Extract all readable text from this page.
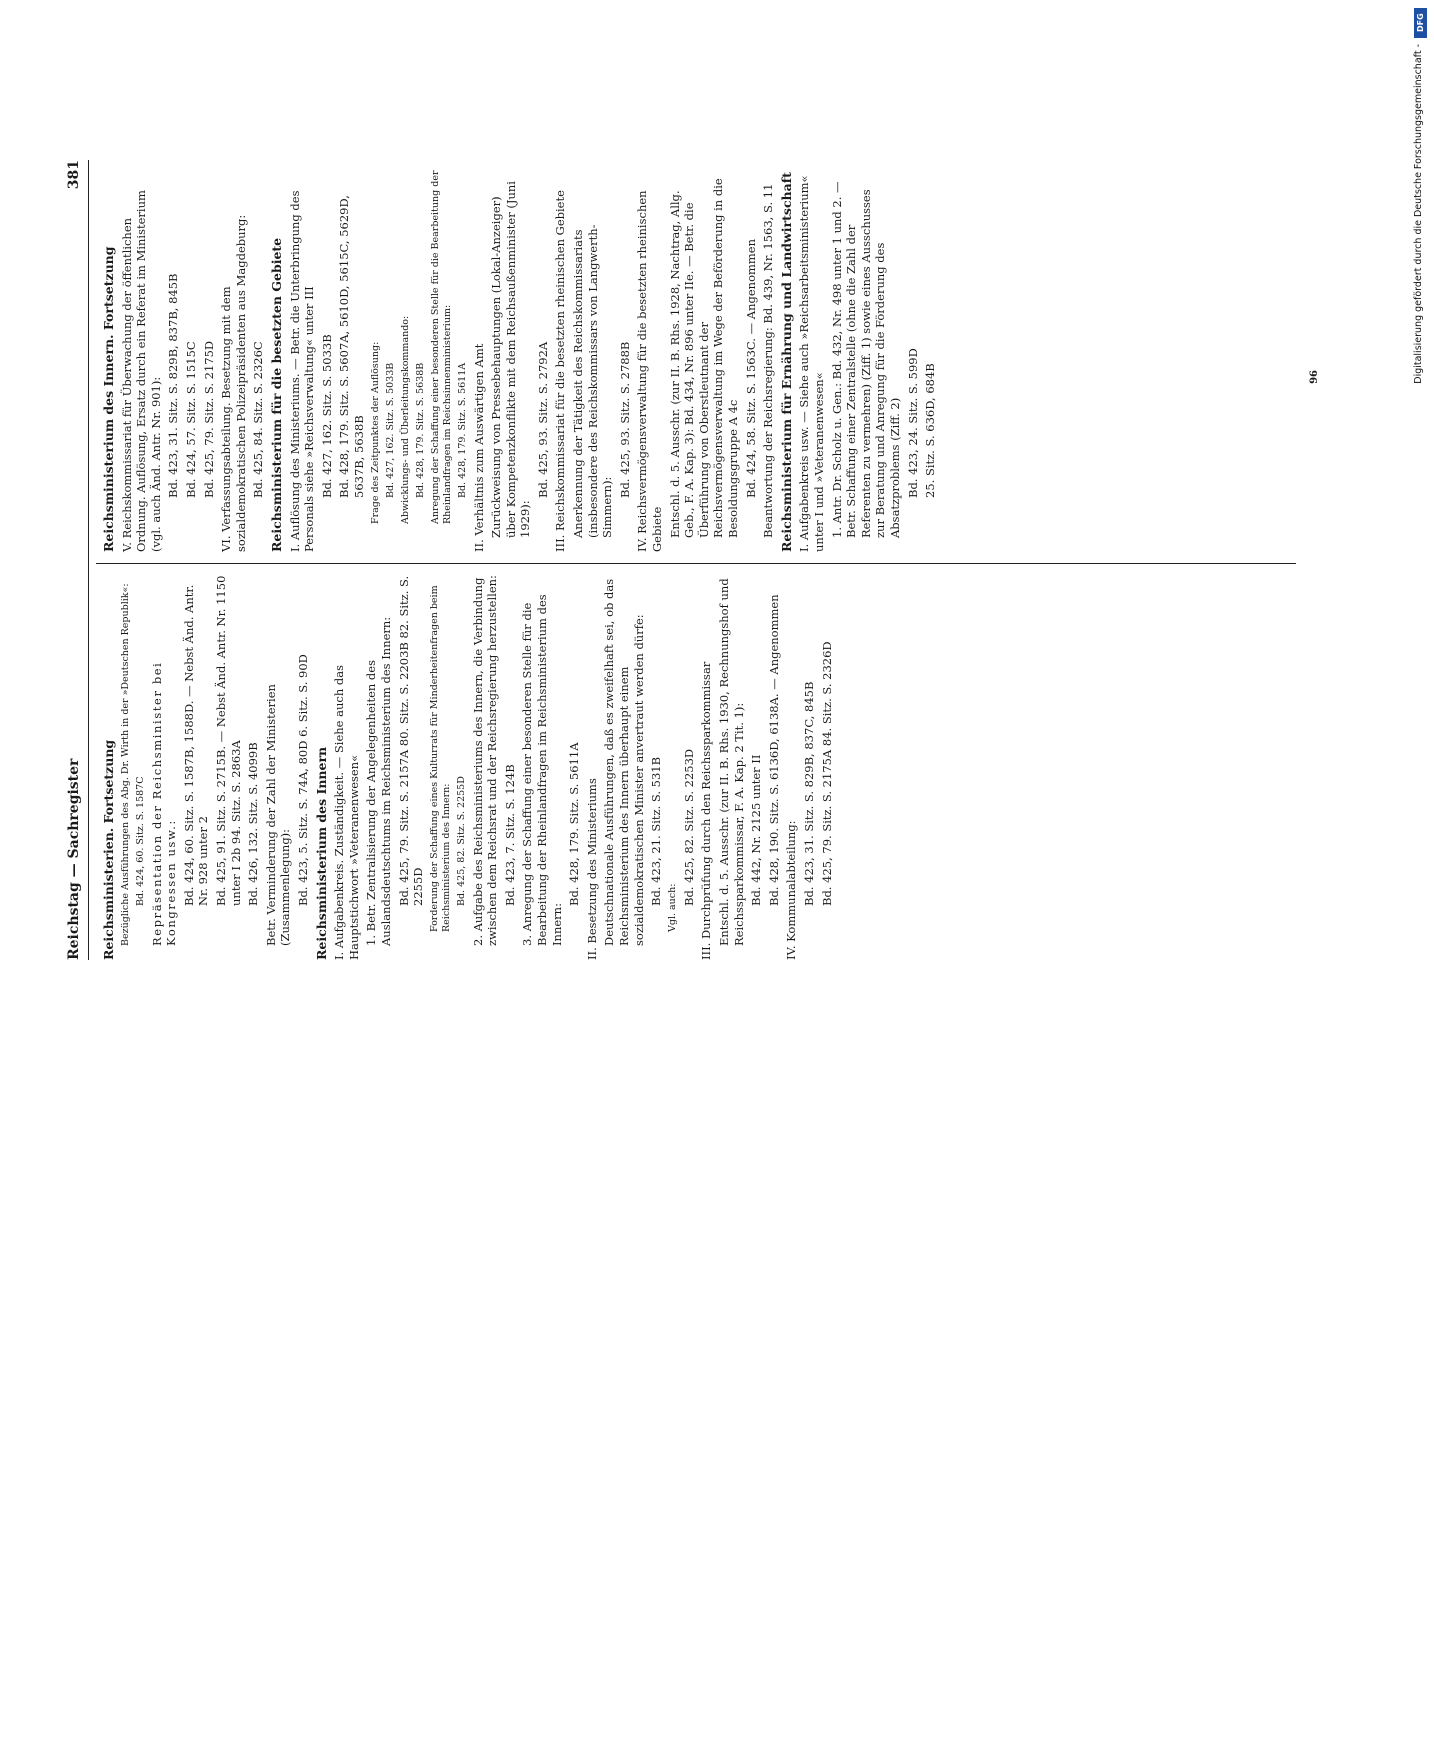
Reichstag — Sachregister
381

Reichsministerien. Fortsetzung Bezügliche Ausführungen des Abg. Dr. Wirth in der »Deutschen Republik«: Bd. 424, 60. Sitz. S. 1587C Repräsentation der Reichsminister bei Kongressen usw.: Bd. 424, 60. Sitz. S. 1587B, 1588D. — Nebst Änd. Antr. Nr. 928 unter 2 Bd. 425, 91. Sitz. S. 2715B. — Nebst Änd. Antr. Nr. 1150 unter I 2b 94. Sitz. S. 2863A Bd. 426, 132. Sitz. S. 4099B Betr. Verminderung der Zahl der Ministerien (Zusammenlegung): Bd. 423, 5. Sitz. S. 74A, 80D 6. Sitz. S. 90D Reichsministerium des Innern I. Aufgabenkreis. Zuständigkeit. — Siehe auch das Hauptstichwort »Veteranenwesen« 1. Betr. Zentralisierung der Angelegenheiten des Auslandsdeutschtums im Reichsministerium des Innern: Bd. 425, 79. Sitz. S. 2157A 80. Sitz. S. 2203B 82. Sitz. S. 2255D Forderung der Schaffung eines Kulturrats für Minderheitenfragen beim Reichsministerium des Innern: Bd. 425, 82. Sitz. S. 2255D 2. Aufgabe des Reichsministeriums des Innern, die Verbindung zwischen dem Reichsrat und der Reichsregierung herzustellen: Bd. 423, 7. Sitz. S. 124B 3. Anregung der Schaffung einer besonderen Stelle für die Bearbeitung der Rheinlandfragen im Reichsministerium des Innern:

Bd. 428, 179. Sitz. S. 5611A II. Besetzung des Ministeriums Deutschnationale Ausführungen, daß es zweifelhaft sei, ob das Reichsministerium des Innern überhaupt einem sozialdemokratischen Minister anvertraut werden dürfe: Bd. 423, 21. Sitz. S. 531B

Vgl. auch:

Bd. 425, 82. Sitz. S. 2253D III. Durchprüfung durch den Reichssparkommissar Entschl. d. 5. Ausschr. (zur II. B. Rhs. 1930, Rechnungshof und Reichssparkommissar, F. A. Kap. 2 Tit. 1): Bd. 442, Nr. 2125 unter II Bd. 428, 190. Sitz. S. 6136D, 6138A. — Angenommen IV. Kommunalabteilung: Bd. 423, 31. Sitz. S. 829B, 837C, 845B Bd. 425, 79. Sitz. S. 2175A 84. Sitz. S. 2326D

Reichsministerium des Innern. Fortsetzung V. Reichskommissariat für Überwachung der öffentlichen Ordnung. Auflösung, Ersatz durch ein Referat im Ministerium (vgl. auch Änd. Antr. Nr. 901): Bd. 423, 31. Sitz. S. 829B, 837B, 845B Bd. 424, 57. Sitz. S. 1515C Bd. 425, 79. Sitz. S. 2175D VI. Verfassungsabteilung. Besetzung mit dem sozialdemokratischen Polizeipräsidenten aus Magdeburg: Bd. 425, 84. Sitz. S. 2326C Reichsministerium für die besetzten Gebiete I. Auflösung des Ministeriums. — Betr. die Unterbringung des Personals siehe »Reichsverwaltung« unter III Bd. 427, 162. Sitz. S. 5033B Bd. 428, 179. Sitz. S. 5607A, 5610D, 5615C, 5629D, 5637B, 5638B Frage des Zeitpunktes der Auflösung: Bd. 427, 162. Sitz. S. 5033B Abwicklungs- und Überleitungskommando: Bd. 428, 179. Sitz. S. 5638B Anregung der Schaffung einer besonderen Stelle für die Bearbeitung der Rheinlandfragen im Reichsinnenministerium: Bd. 428, 179. Sitz. S. 5611A II. Verhältnis zum Auswärtigen Amt Zurückweisung von Pressebehauptungen (Lokal-Anzeiger) über Kompetenzkonflikte mit dem Reichsaußenminister (Juni 1929):

Bd. 425, 93. Sitz. S. 2792A III. Reichskommissariat für die besetzten rheinischen Gebiete Anerkennung der Tätigkeit des Reichskommissariats (insbesondere des Reichskommissars von Langwerth-Simmern):

Bd. 425, 93. Sitz. S. 2788B IV. Reichsvermögensverwaltung für die besetzten rheinischen Gebiete Entschl. d. 5. Ausschr. (zur II. B. Rhs. 1928, Nachtrag, Allg. Geb., F. A. Kap. 3): Bd. 434, Nr. 896 unter IIe. — Betr. die Überführung von Oberstleutnant der Reichsvermögensverwaltung im Wege der Beförderung in die Besoldungsgruppe A 4c Bd. 424, 58. Sitz. S. 1563C. — Angenommen Beantwortung der Reichsregierung: Bd. 439, Nr. 1563, S. 11 Reichsministerium für Ernährung und Landwirtschaft I. Aufgabenkreis usw. — Siehe auch »Reichsarbeitsministerium« unter I und »Veteranenwesen« 1. Antr. Dr. Scholz u. Gen.: Bd. 432, Nr. 498 unter 1 und 2. — Betr. Schaffung einer Zentralstelle (ohne die Zahl der Referenten zu vermehren) (Ziff. 1) sowie eines Ausschusses zur Beratung und Anregung für die Förderung des Absatzproblems (Ziff. 2) Bd. 423, 24. Sitz. S. 599D 25. Sitz. S. 636D, 684B	96
DFG
Digitalisierung gefördert durch die Deutsche Forschungsgemeinschaft -
